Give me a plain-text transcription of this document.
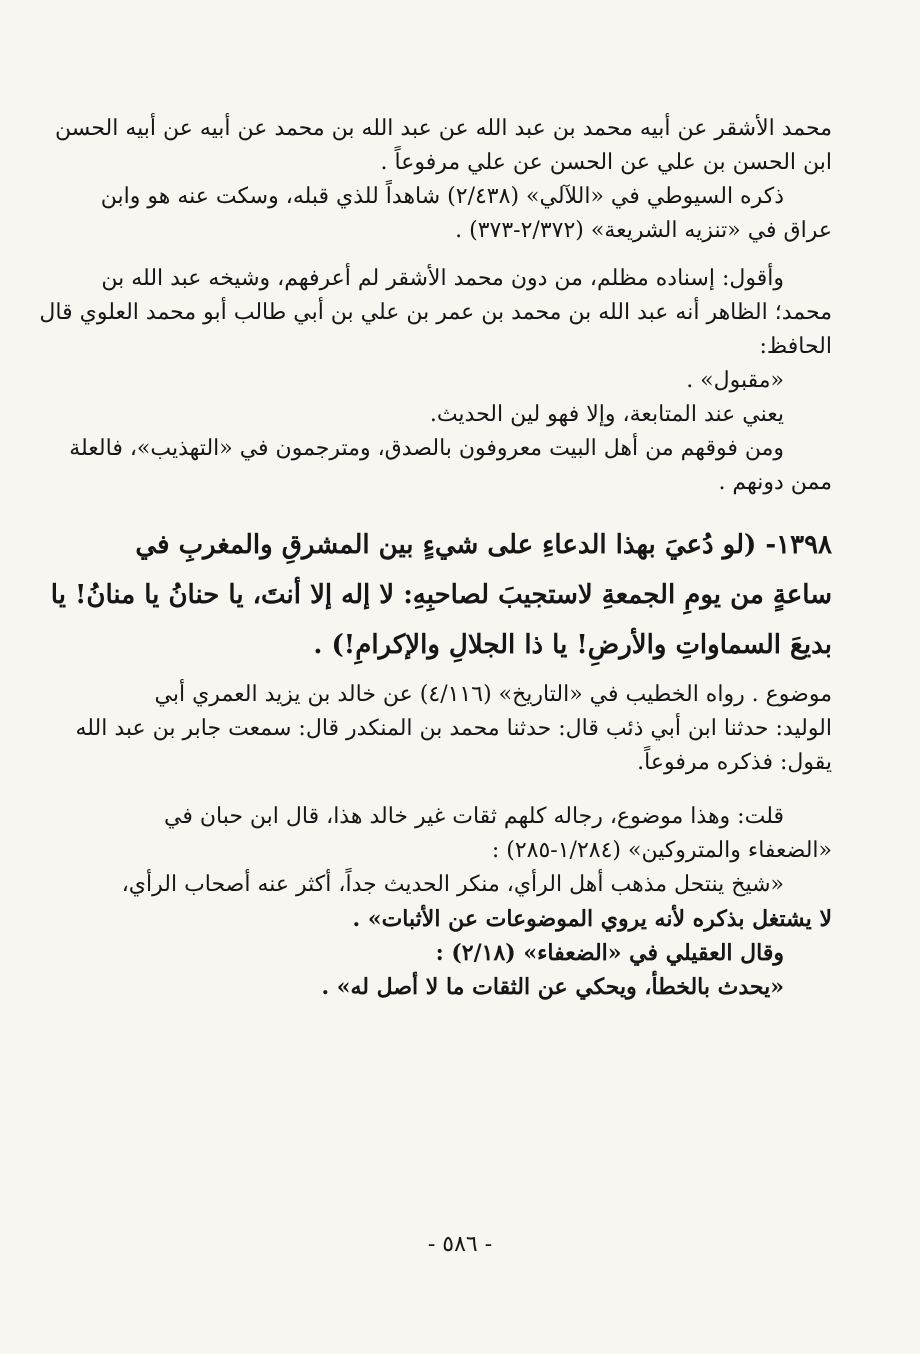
محمد الأشقر عن أبيه محمد بن عبد الله عن عبد الله بن محمد عن أبيه عن أبيه الحسن
ابن الحسن بن علي عن الحسن عن علي مرفوعاً .
ذكره السيوطي في «اللآلي» (٢/٤٣٨) شاهداً للذي قبله، وسكت عنه هو وابن
عراق في «تنزيه الشريعة» (٢/٣٧٢-٣٧٣) .
وأقول: إسناده مظلم، من دون محمد الأشقر لم أعرفهم، وشيخه عبد الله بن
محمد؛ الظاهر أنه عبد الله بن محمد بن عمر بن علي بن أبي طالب أبو محمد العلوي قال
الحافظ:
«مقبول» .
يعني عند المتابعة، وإلا فهو لين الحديث.
ومن فوقهم من أهل البيت معروفون بالصدق، ومترجمون في «التهذيب»، فالعلة
ممن دونهم .
١٣٩٨- (لو دُعيَ بهذا الدعاءِ على شيءٍ بين المشرقِ والمغربِ في
ساعةٍ من يومِ الجمعةِ لاستجيبَ لصاحبِهِ: لا إله إلا أنتَ، يا حنانُ يا منانُ! يا
بديعَ السماواتِ والأرضِ! يا ذا الجلالِ والإكرامِ!) .
موضوع . رواه الخطيب في «التاريخ» (٤/١١٦) عن خالد بن يزيد العمري أبي
الوليد: حدثنا ابن أبي ذئب قال: حدثنا محمد بن المنكدر قال: سمعت جابر بن عبد الله
يقول: فذكره مرفوعاً.
قلت: وهذا موضوع، رجاله كلهم ثقات غير خالد هذا، قال ابن حبان في
«الضعفاء والمتروكين» (١/٢٨٤-٢٨٥) :
«شيخ ينتحل مذهب أهل الرأي، منكر الحديث جداً، أكثر عنه أصحاب الرأي،
لا يشتغل بذكره لأنه يروي الموضوعات عن الأثبات» .
وقال العقيلي في «الضعفاء» (٢/١٨) :
«يحدث بالخطأ، ويحكي عن الثقات ما لا أصل له» .
- ٥٨٦ -
